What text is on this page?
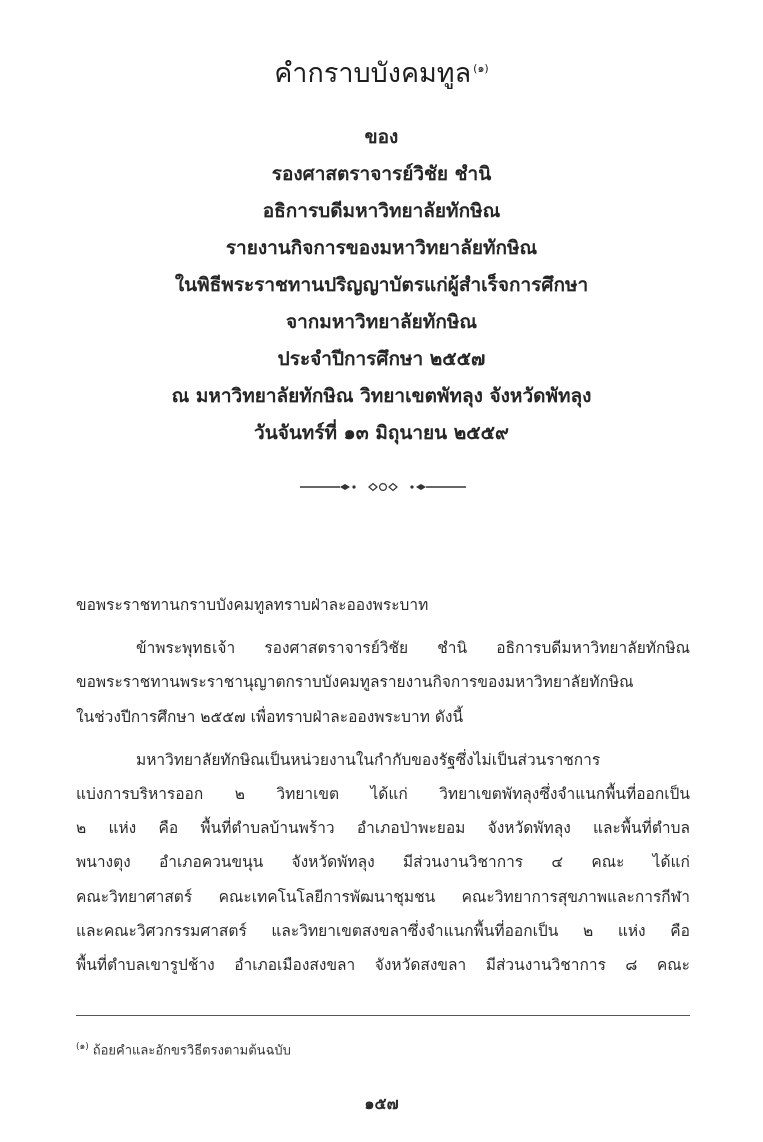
คำกราบบังคมทูล $^{(๑)}$
ของ
รองศาสตราจารย์วิชัย ชำนิ
อธิการบดีมหาวิทยาลัยทักษิณ
รายงานกิจการของมหาวิทยาลัยทักษิณ
ในพิธีพระราชทานปริญญาบัตรแก่ผู้สำเร็จการศึกษา
จากมหาวิทยาลัยทักษิณ
ประจำปีการศึกษา ๒๕๕๗
ณ มหาวิทยาลัยทักษิณ วิทยาเขตพัทลุง จังหวัดพัทลุง
วันจันทร์ที่ ๑๓ มิถุนายน ๒๕๕๙
ขอพระราชทานกราบบังคมทูลทราบฝ่าละอองพระบาท
ข้าพระพุทธเจ้า รองศาสตราจารย์วิชัย ชำนิ อธิการบดีมหาวิทยาลัยทักษิณ
ขอพระราชทานพระราชานุญาตกราบบังคมทูลรายงานกิจการของมหาวิทยาลัยทักษิณ
ในช่วงปีการศึกษา ๒๕๕๗ เพื่อทราบฝ่าละอองพระบาท ดังนี้
มหาวิทยาลัยทักษิณเป็นหน่วยงานในกำกับของรัฐซึ่งไม่เป็นส่วนราชการ
แบ่งการบริหารออก ๒ วิทยาเขต ได้แก่ วิทยาเขตพัทลุงซึ่งจำแนกพื้นที่ออกเป็น
๒ แห่ง คือ พื้นที่ตำบลบ้านพร้าว อำเภอป่าพะยอม จังหวัดพัทลุง และพื้นที่ตำบล
พนางตุง อำเภอควนขนุน จังหวัดพัทลุง มีส่วนงานวิชาการ ๔ คณะ ได้แก่
คณะวิทยาศาสตร์ คณะเทคโนโลยีการพัฒนาชุมชน คณะวิทยาการสุขภาพและการกีฬา
และคณะวิศวกรรมศาสตร์ และวิทยาเขตสงขลาซึ่งจำแนกพื้นที่ออกเป็น ๒ แห่ง คือ
พื้นที่ตำบลเขารูปช้าง อำเภอเมืองสงขลา จังหวัดสงขลา มีส่วนงานวิชาการ ๘ คณะ
$^{(๑)}$ ถ้อยคำและอักขรวิธีตรงตามต้นฉบับ
๑๕๗
